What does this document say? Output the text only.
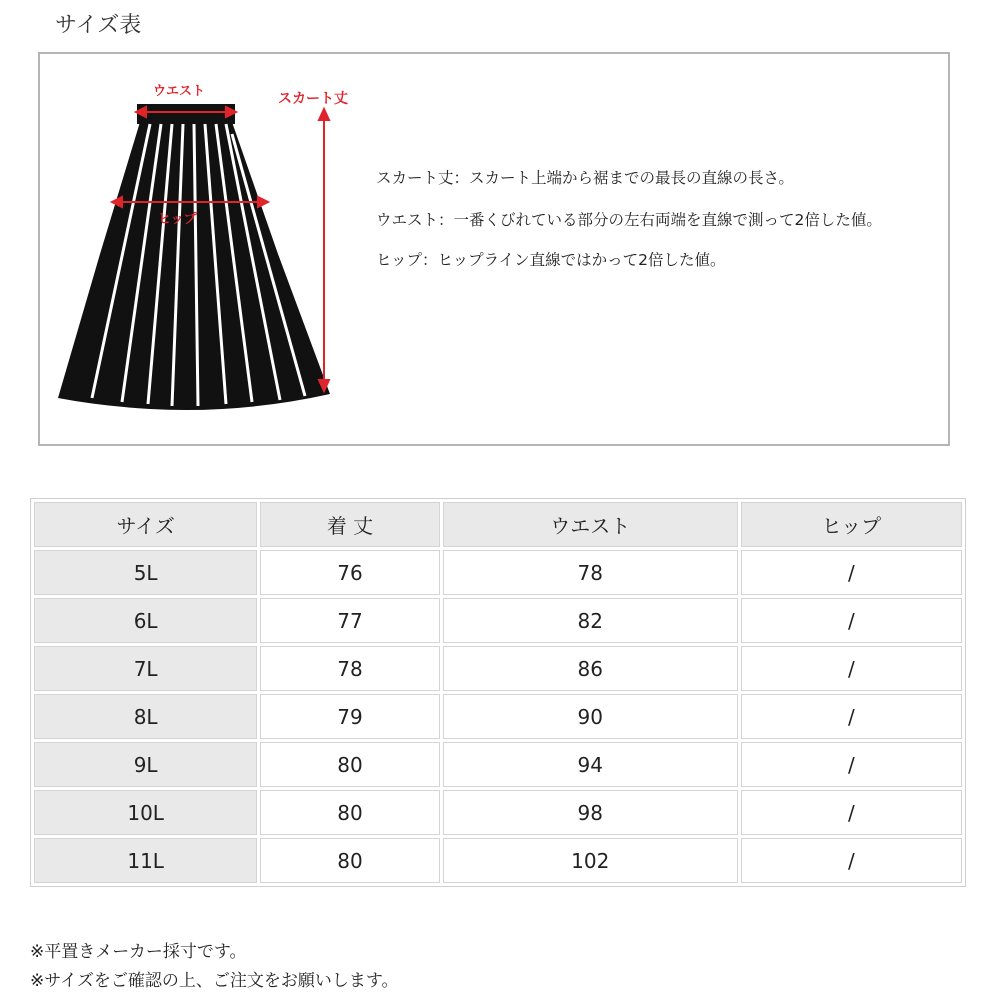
サイズ表
ウエスト	スカート丈
ヒップ
スカート丈：スカート上端から裾までの最長の直線の長さ。
ウエスト：一番くびれている部分の左右両端を直線で測って2倍した値。
ヒップ：ヒップライン直線ではかって2倍した値。
サイズ	着 丈	ウエスト	ヒップ
5L	76	78	/
6L	77	82	/
7L	78	86	/
8L	79	90	/
9L	80	94	/
10L	80	98	/
11L	80	102	/
※平置きメーカー採寸です。
※サイズをご確認の上、ご注文をお願いします。
